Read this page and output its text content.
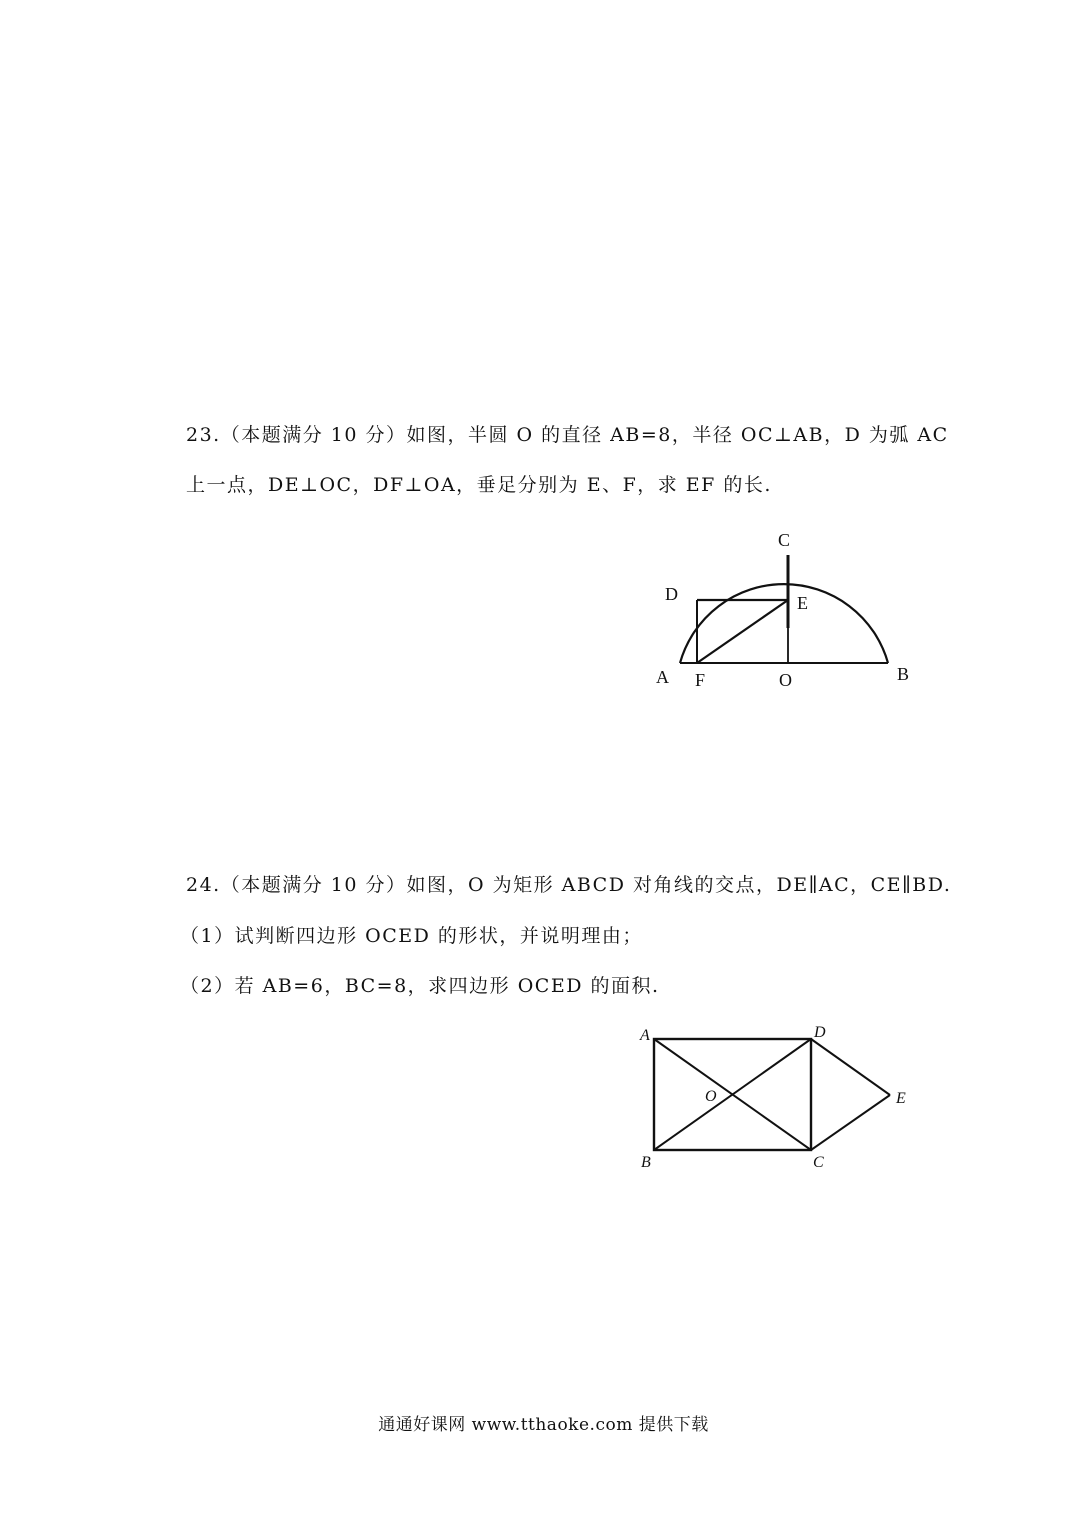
23.（本题满分 10 分）如图，半圆 O 的直径 AB=8，半径 OC⊥AB，D 为弧 AC
上一点，DE⊥OC，DF⊥OA，垂足分别为 E、F，求 EF 的长.
C
D	E
A F	O	B
24.（本题满分 10 分）如图，O 为矩形 ABCD 对角线的交点，DE∥AC，CE∥BD.
（1）试判断四边形 OCED 的形状，并说明理由；
（2）若 AB=6，BC=8，求四边形 OCED 的面积.
A	D
O	E
B	C
通通好课网 www.tthaoke.com 提供下载
